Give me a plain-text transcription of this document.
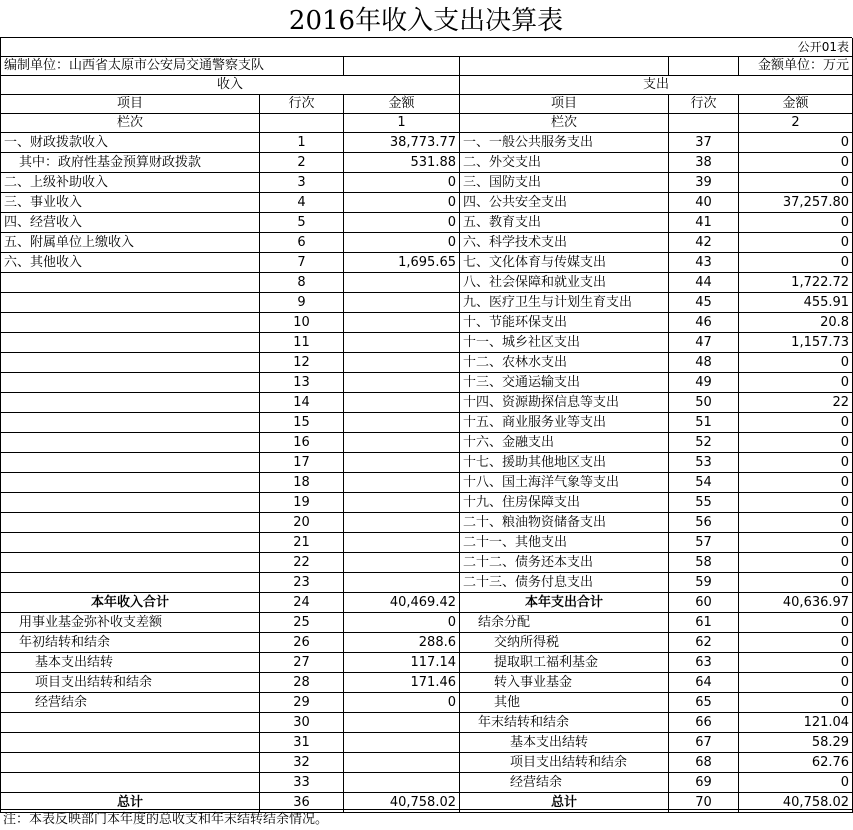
2016年收入支出决算表
公开01表					
编制单位：山西省太原市公安局交通警察支队					金额单位：万元
收入			支出		
项目	行次	金额	项目	行次	金额
栏次		1	栏次		2
一、财政拨款收入	1	38,773.77	一、一般公共服务支出	37	0
其中：政府性基金预算财政拨款	2	531.88	二、外交支出	38	0
二、上级补助收入	3	0	三、国防支出	39	0
三、事业收入	4	0	四、公共安全支出	40	37,257.80
四、经营收入	5	0	五、教育支出	41	0
五、附属单位上缴收入	6	0	六、科学技术支出	42	0
六、其他收入	7	1,695.65	七、文化体育与传媒支出	43	0
	8		八、社会保障和就业支出	44	1,722.72
	9		九、医疗卫生与计划生育支出	45	455.91
	10		十、节能环保支出	46	20.8
	11		十一、城乡社区支出	47	1,157.73
	12		十二、农林水支出	48	0
	13		十三、交通运输支出	49	0
	14		十四、资源勘探信息等支出	50	22
	15		十五、商业服务业等支出	51	0
	16		十六、金融支出	52	0
	17		十七、援助其他地区支出	53	0
	18		十八、国土海洋气象等支出	54	0
	19		十九、住房保障支出	55	0
	20		二十、粮油物资储备支出	56	0
	21		二十一、其他支出	57	0
	22		二十二、债务还本支出	58	0
	23		二十三、债务付息支出	59	0
本年收入合计	24	40,469.42	本年支出合计	60	40,636.97
用事业基金弥补收支差额	25	0	结余分配	61	0
年初结转和结余	26	288.6	交纳所得税	62	0
基本支出结转	27	117.14	提取职工福利基金	63	0
项目支出结转和结余	28	171.46	转入事业基金	64	0
经营结余	29	0	其他	65	0
	30		年末结转和结余	66	121.04
	31		基本支出结转	67	58.29
	32		项目支出结转和结余	68	62.76
	33		经营结余	69	0
总计	36	40,758.02	总计	70	40,758.02
注：本表反映部门本年度的总收支和年末结转结余情况。
